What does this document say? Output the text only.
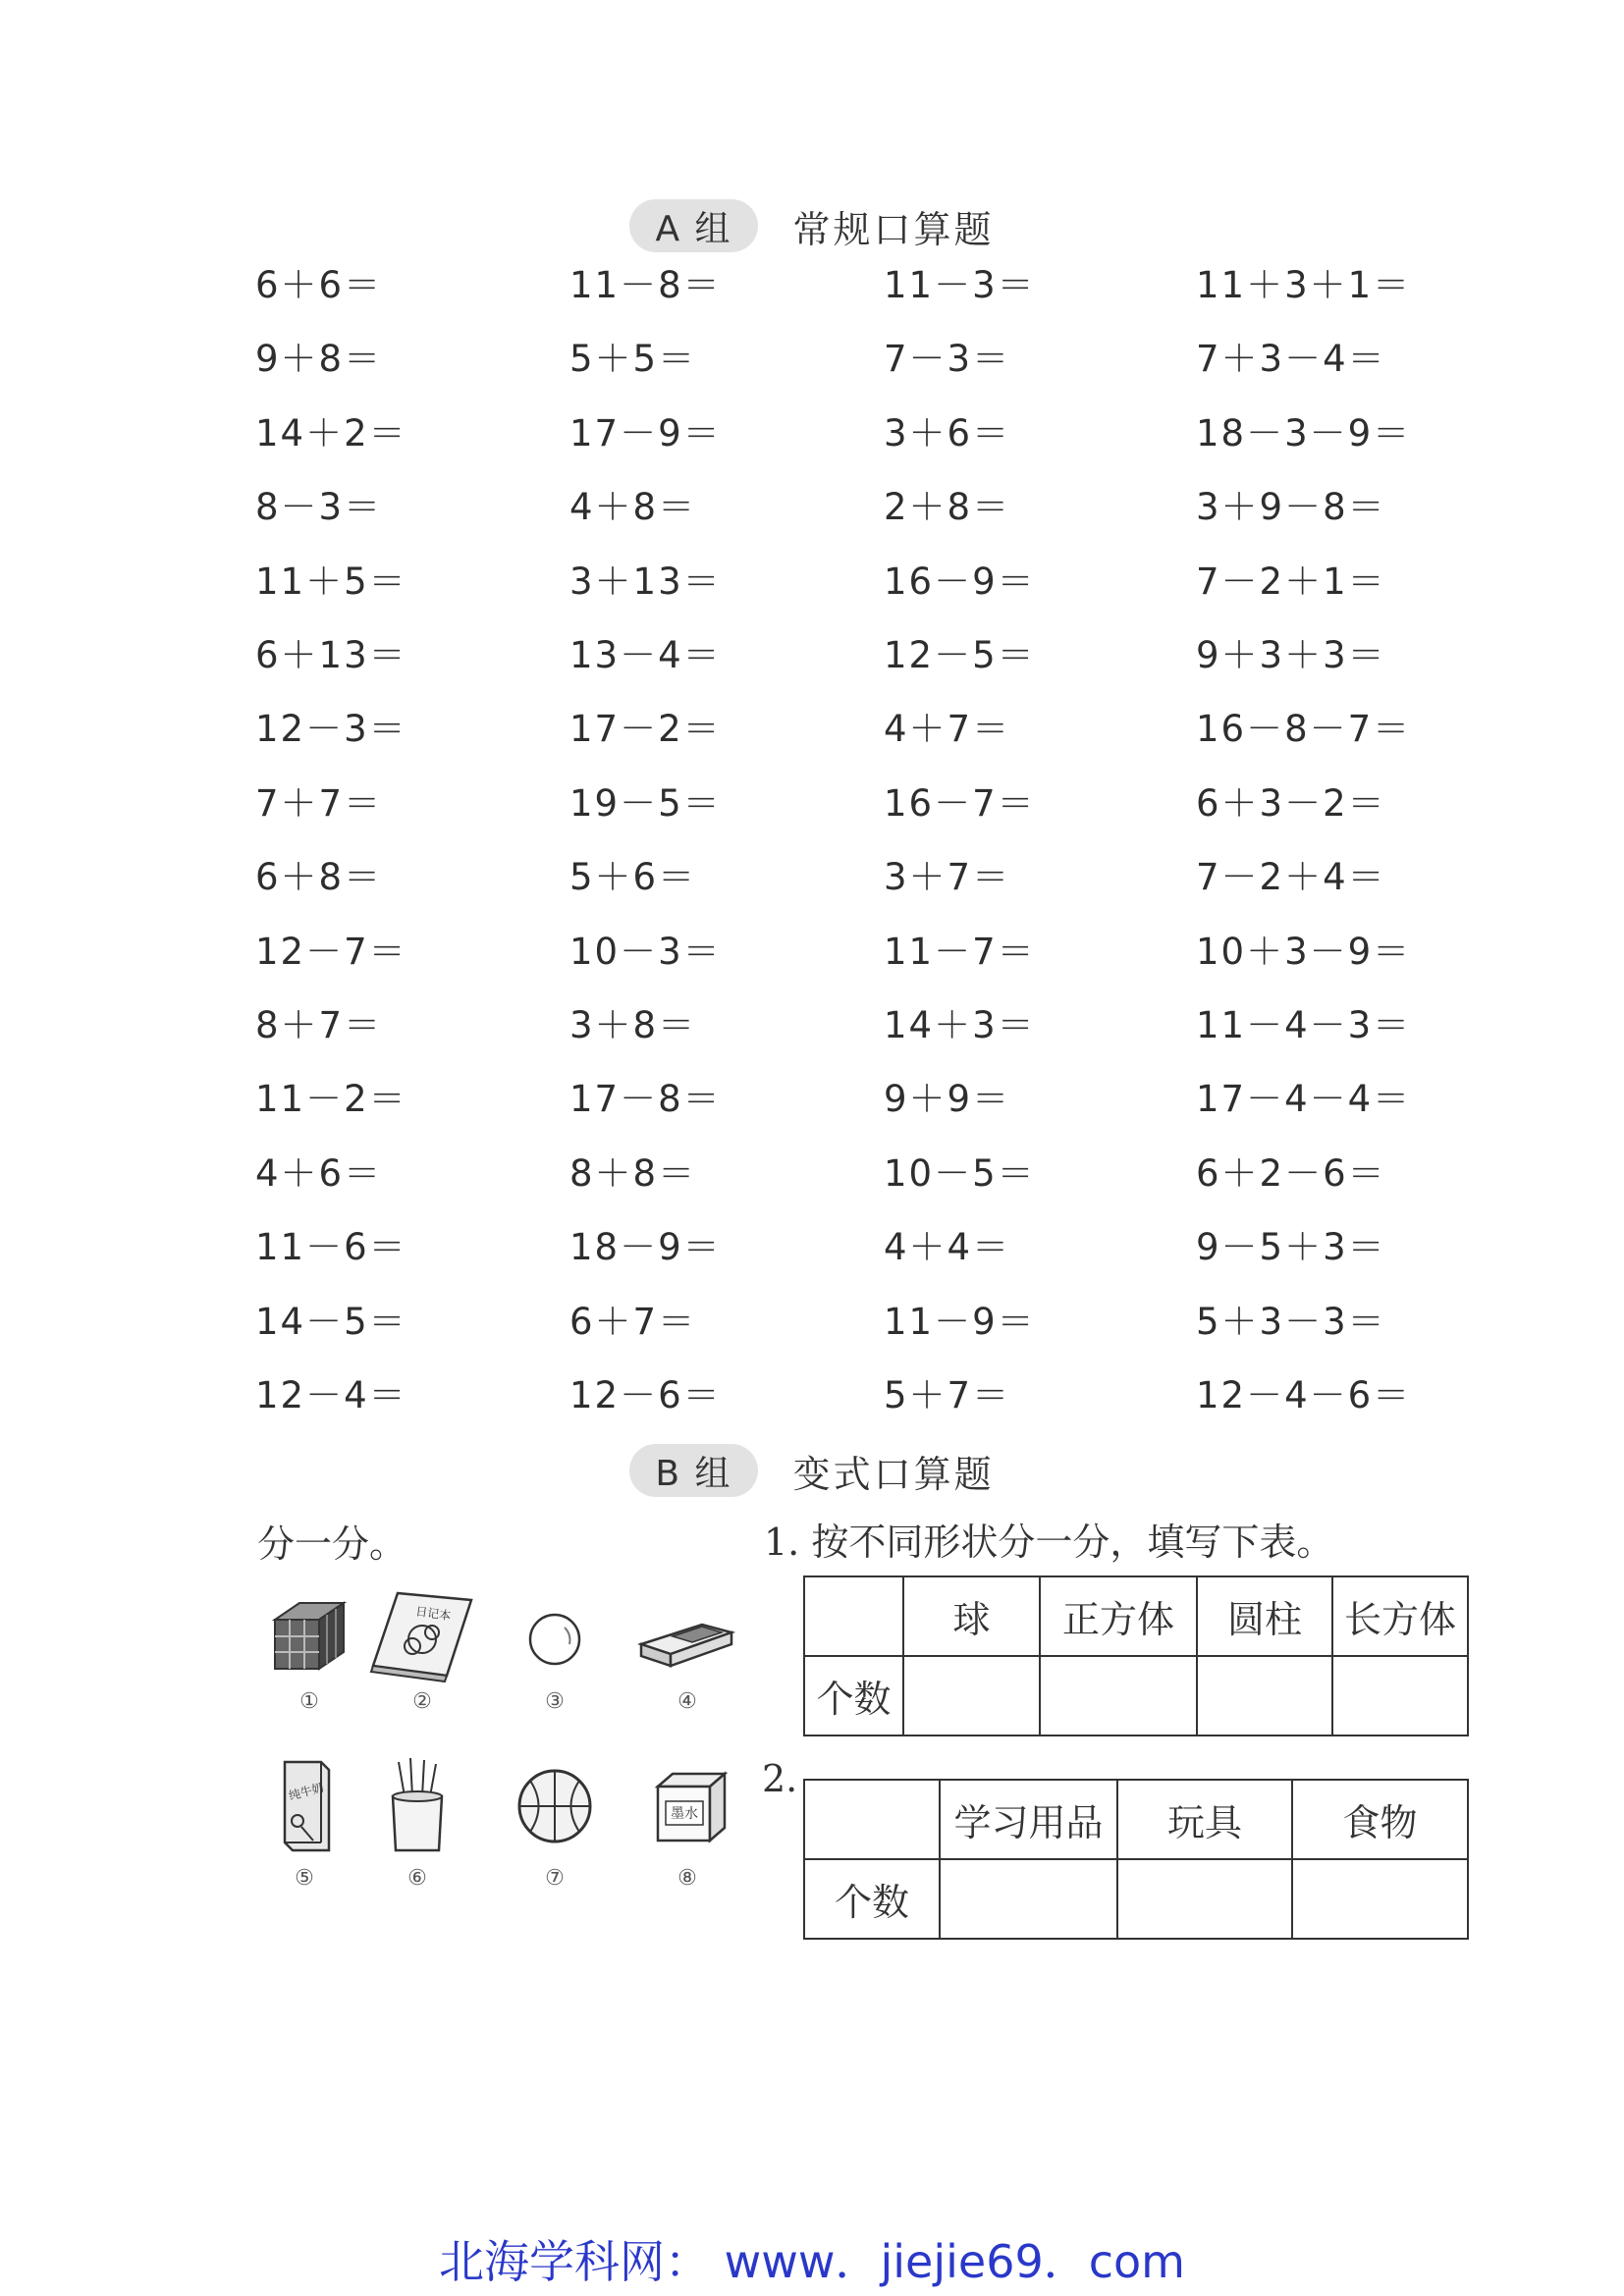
A 组	常规口算题
6＋6＝	11－8＝	11－3＝	11＋3＋1＝
9＋8＝	5＋5＝	7－3＝	7＋3－4＝
14＋2＝	17－9＝	3＋6＝	18－3－9＝
8－3＝	4＋8＝	2＋8＝	3＋9－8＝
11＋5＝	3＋13＝	16－9＝	7－2＋1＝
6＋13＝	13－4＝	12－5＝	9＋3＋3＝
12－3＝	17－2＝	4＋7＝	16－8－7＝
7＋7＝	19－5＝	16－7＝	6＋3－2＝
6＋8＝	5＋6＝	3＋7＝	7－2＋4＝
12－7＝	10－3＝	11－7＝	10＋3－9＝
8＋7＝	3＋8＝	14＋3＝	11－4－3＝
11－2＝	17－8＝	9＋9＝	17－4－4＝
4＋6＝	8＋8＝	10－5＝	6＋2－6＝
11－6＝	18－9＝	4＋4＝	9－5＋3＝
14－5＝	6＋7＝	11－9＝	5＋3－3＝
12－4＝	12－6＝	5＋7＝	12－4－6＝
B 组	变式口算题
分一分。	1. 按不同形状分一分，填写下表。
①
日记本
②	③	④
纯牛奶
⑤	⑥	⑦
墨水
⑧
	球	正方体	圆柱	长方体
个数				
2.
	学习用品	玩具	食物
个数			
北海学科网： www．jiejie69．com
